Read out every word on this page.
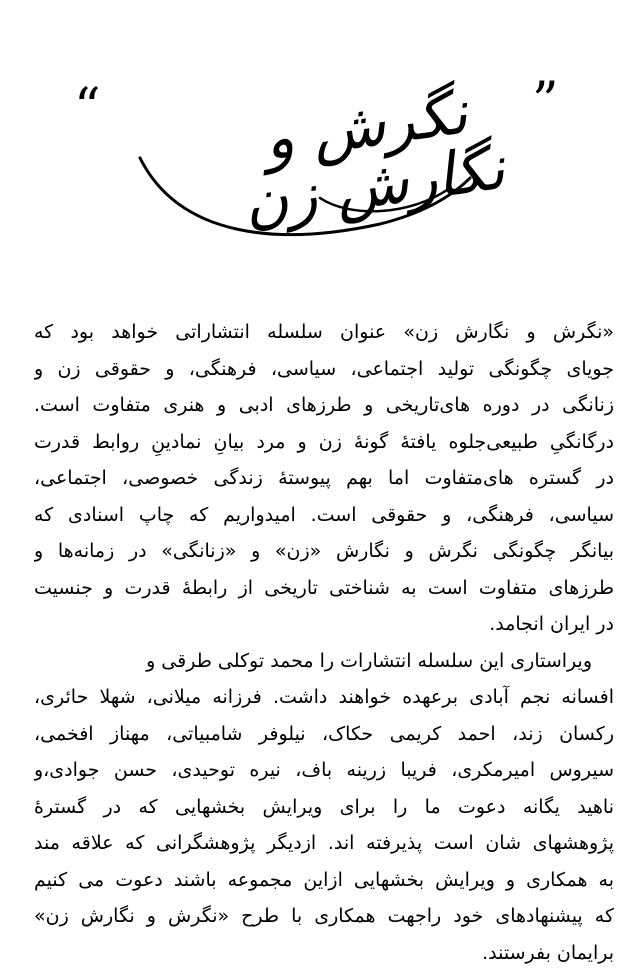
“	”
نگرش و نگارش زن
«نگرش و نگارش زن» عنوان سلسله انتشاراتی خواهد بود که
جویای چگونگی تولید اجتماعی، سیاسی، فرهنگی، و حقوقی زن و
زنانگی در دوره های‌تاریخی و طرزهای ادبی و هنری متفاوت است.
درگانگیِ طبیعی‌جلوه یافتهٔ گونهٔ زن و مرد بیانِ نمادینِ روابط قدرت
در گستره های‌متفاوت اما بهم پیوستهٔ زندگی خصوصی، اجتماعی،
سیاسی، فرهنگی، و حقوقی است. امیدواریم که چاپ اسنادی که
بیانگر چگونگی نگرش و نگارش «زن» و «زنانگی» در زمانه‌ها و
طرزهای متفاوت است به شناختی تاریخی از رابطهٔ قدرت و جنسیت
در ایران انجامد.
ویراستاری این سلسله انتشارات را محمد توکلی طرقی و
افسانه نجم آبادی برعهده خواهند داشت. فرزانه میلانی، شهلا حائری،
رکسان زند، احمد کریمی حکاک، نیلوفر شامبیاتی، مهناز افخمی،
سیروس امیرمکری، فریبا زرینه باف، نیره توحیدی، حسن جوادی،و
ناهید یگانه دعوت ما را برای ویرایش بخشهایی که در گسترهٔ
پژوهشهای شان است پذیرفته اند. ازدیگر پژوهشگرانی که علاقه مند
به همکاری و ویرایش بخشهایی ازاین مجموعه باشند دعوت می کنیم
که پیشنهادهای خود راجهت همکاری با طرح «نگرش و نگارش زن»
برایمان بفرستند.
